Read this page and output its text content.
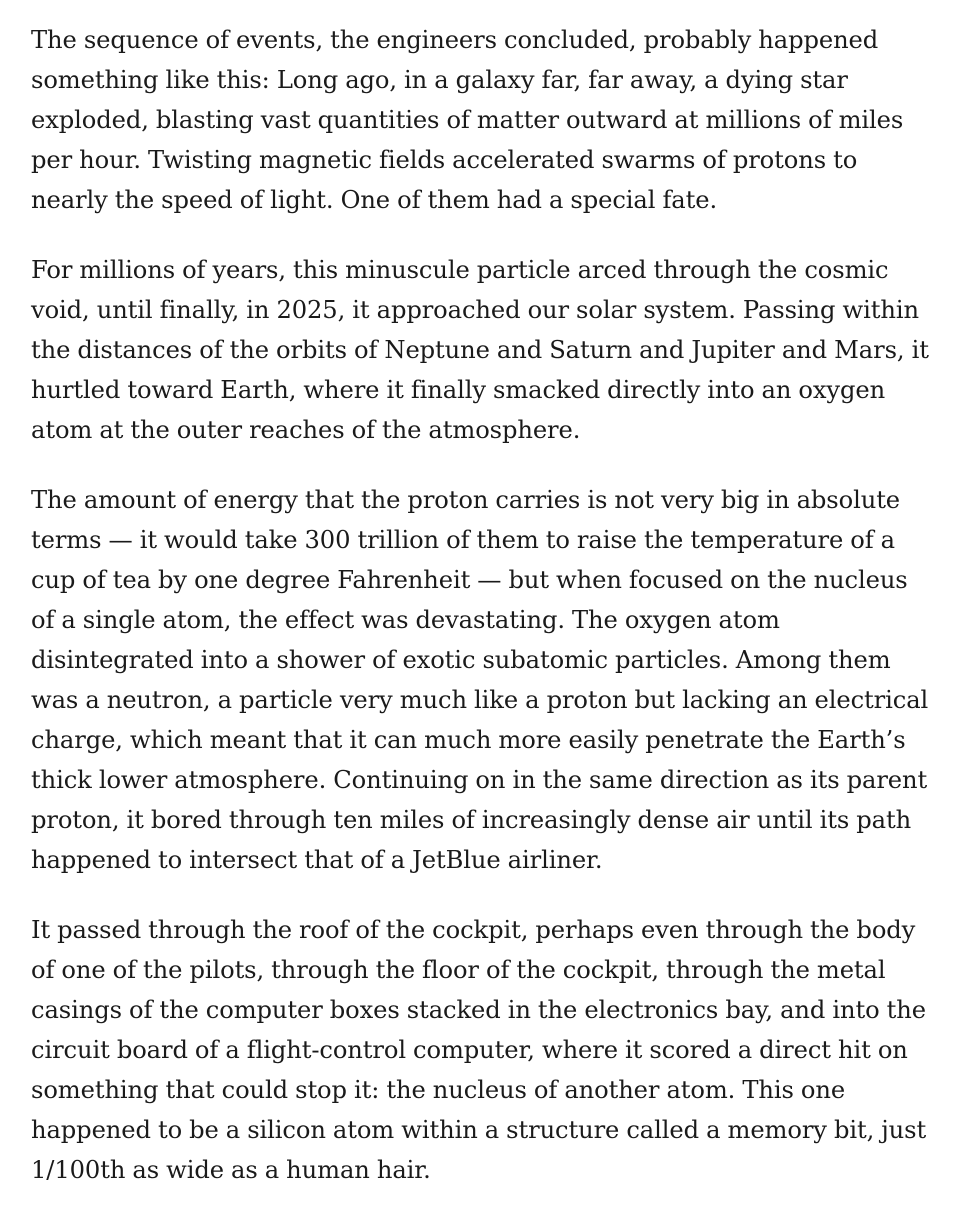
The sequence of events, the engineers concluded, probably happened something like this: Long ago, in a galaxy far, far away, a dying star exploded, blasting vast quantities of matter outward at millions of miles per hour. Twisting magnetic fields accelerated swarms of protons to nearly the speed of light. One of them had a special fate.

For millions of years, this minuscule particle arced through the cosmic void, until finally, in 2025, it approached our solar system. Passing within the distances of the orbits of Neptune and Saturn and Jupiter and Mars, it hurtled toward Earth, where it finally smacked directly into an oxygen atom at the outer reaches of the atmosphere.

The amount of energy that the proton carries is not very big in absolute terms — it would take 300 trillion of them to raise the temperature of a cup of tea by one degree Fahrenheit — but when focused on the nucleus of a single atom, the effect was devastating. The oxygen atom disintegrated into a shower of exotic subatomic particles. Among them was a neutron, a particle very much like a proton but lacking an electrical charge, which meant that it can much more easily penetrate the Earth’s thick lower atmosphere. Continuing on in the same direction as its parent proton, it bored through ten miles of increasingly dense air until its path happened to intersect that of a JetBlue airliner.

It passed through the roof of the cockpit, perhaps even through the body of one of the pilots, through the floor of the cockpit, through the metal casings of the computer boxes stacked in the electronics bay, and into the circuit board of a flight-control computer, where it scored a direct hit on something that could stop it: the nucleus of another atom. This one happened to be a silicon atom within a structure called a memory bit, just 1/100th as wide as a human hair.
